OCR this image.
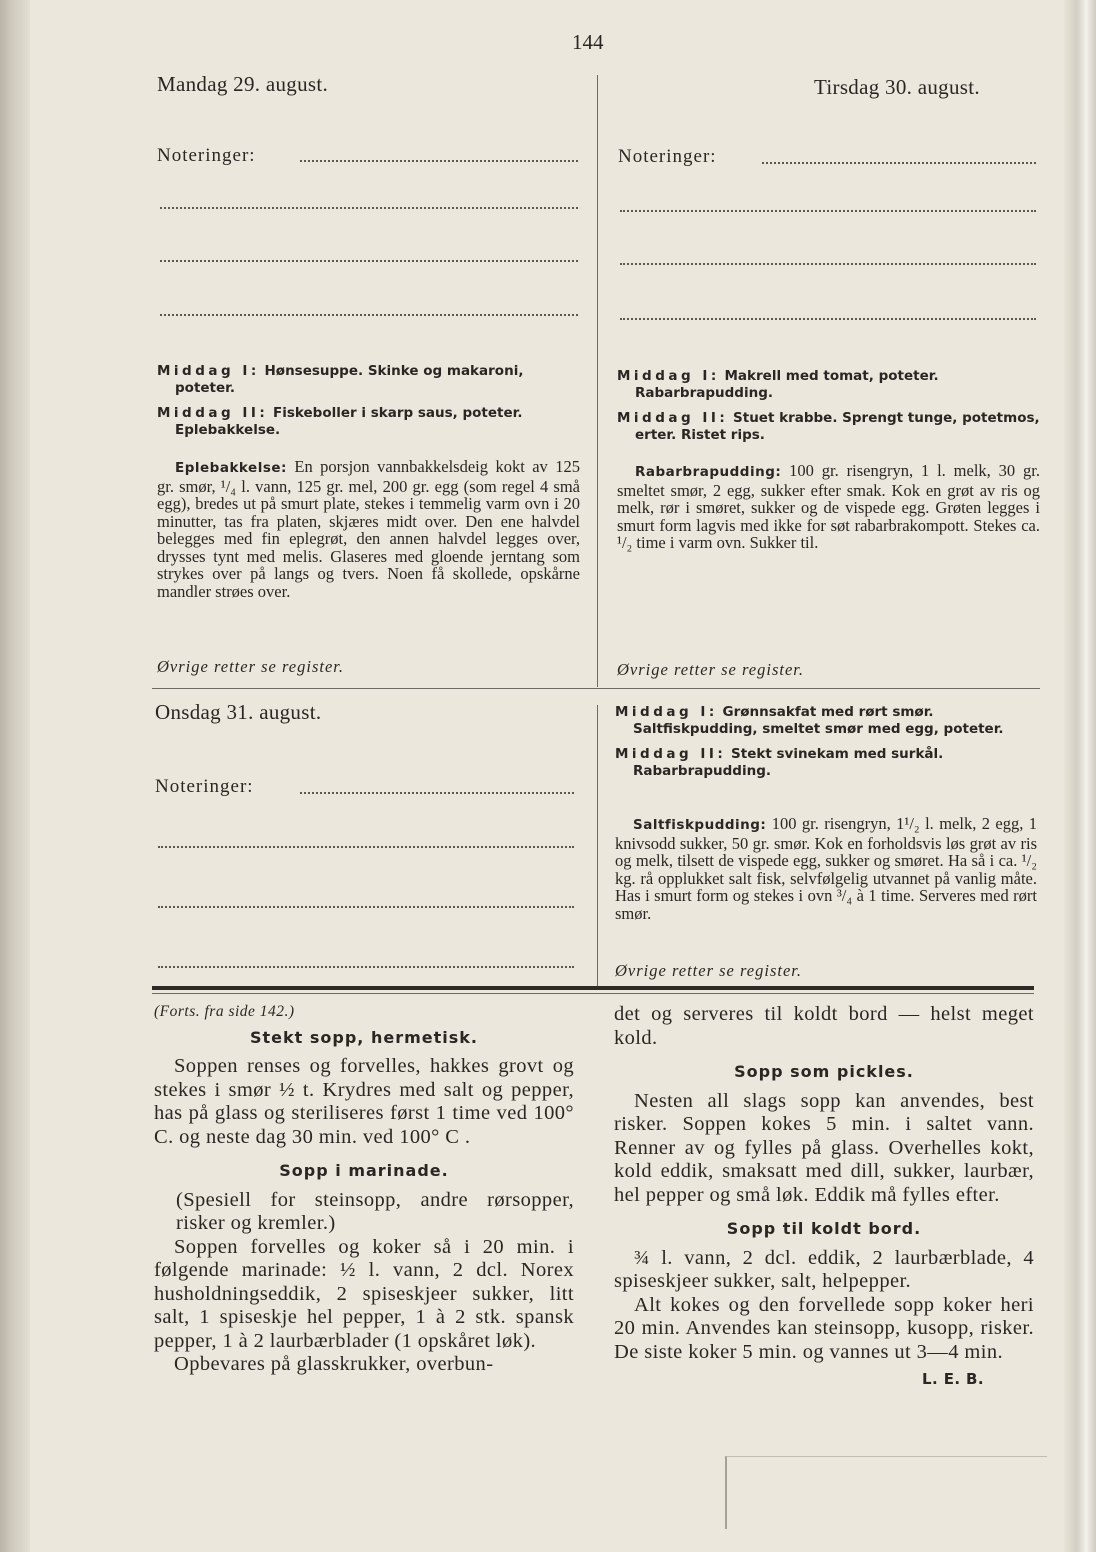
144
Mandag 29. august.
Noteringer:

Middag I: Hønsesuppe. Skinke og makaroni, poteter.

Middag II: Fiskeboller i skarp saus, poteter. Eplebakkelse.

Eplebakkelse: En porsjon vannbakkelsdeig kokt av 125 gr. smør, ¹/₄ l. vann, 125 gr. mel, 200 gr. egg (som regel 4 små egg), bredes ut på smurt plate, stekes i temmelig varm ovn i 20 minutter, tas fra platen, skjæres midt over. Den ene halvdel belegges med fin eplegrøt, den annen halvdel legges over, drysses tynt med melis. Glaseres med gloende jerntang som strykes over på langs og tvers. Noen få skollede, opskårne mandler strøes over.
Øvrige retter se register.
Tirsdag 30. august.
Noteringer:

Middag I: Makrell med tomat, poteter. Rabarbrapudding.

Middag II: Stuet krabbe. Sprengt tunge, potetmos, erter. Ristet rips.

Rabarbrapudding: 100 gr. risengryn, 1 l. melk, 30 gr. smeltet smør, 2 egg, sukker efter smak. Kok en grøt av ris og melk, rør i smøret, sukker og de vispede egg. Grøten legges i smurt form lagvis med ikke for søt rabarbrakompott. Stekes ca. ¹/₂ time i varm ovn. Sukker til.
Øvrige retter se register.
Onsdag 31. august.
Noteringer:

Middag I: Grønnsakfat med rørt smør. Saltfiskpudding, smeltet smør med egg, poteter.

Middag II: Stekt svinekam med surkål. Rabarbrapudding.

Saltfiskpudding: 100 gr. risengryn, 1¹/₂ l. melk, 2 egg, 1 knivsodd sukker, 50 gr. smør. Kok en forholdsvis løs grøt av ris og melk, tilsett de vispede egg, sukker og smøret. Ha så i ca. ¹/₂ kg. rå opplukket salt fisk, selvfølgelig utvannet på vanlig måte. Has i smurt form og stekes i ovn ³/₄ à 1 time. Serveres med rørt smør.
Øvrige retter se register.
(Forts. fra side 142.)
Stekt sopp, hermetisk.

Soppen renses og forvelles, hakkes grovt og stekes i smør ½ t. Krydres med salt og pepper, has på glass og steriliseres først 1 time ved 100° C. og neste dag 30 min. ved 100° C .

Sopp i marinade.

(Spesiell for steinsopp, andre rørsopper, risker og kremler.)

Soppen forvelles og koker så i 20 min. i følgende marinade: ½ l. vann, 2 dcl. Norex husholdningseddik, 2 spiseskjeer sukker, litt salt, 1 spiseskje hel pepper, 1 à 2 stk. spansk pepper, 1 à 2 laurbærblader (1 opskåret løk).

Opbevares på glasskrukker, overbun-

det og serveres til koldt bord — helst meget kold.

Sopp som pickles.

Nesten all slags sopp kan anvendes, best risker. Soppen kokes 5 min. i saltet vann. Renner av og fylles på glass. Overhelles kokt, kold eddik, smaksatt med dill, sukker, laurbær, hel pepper og små løk. Eddik må fylles efter.

Sopp til koldt bord.

¾ l. vann, 2 dcl. eddik, 2 laurbærblade, 4 spiseskjeer sukker, salt, helpepper.

Alt kokes og den forvellede sopp koker heri 20 min. Anvendes kan steinsopp, kusopp, risker. De siste koker 5 min. og vannes ut 3—4 min.

L. E. B.
